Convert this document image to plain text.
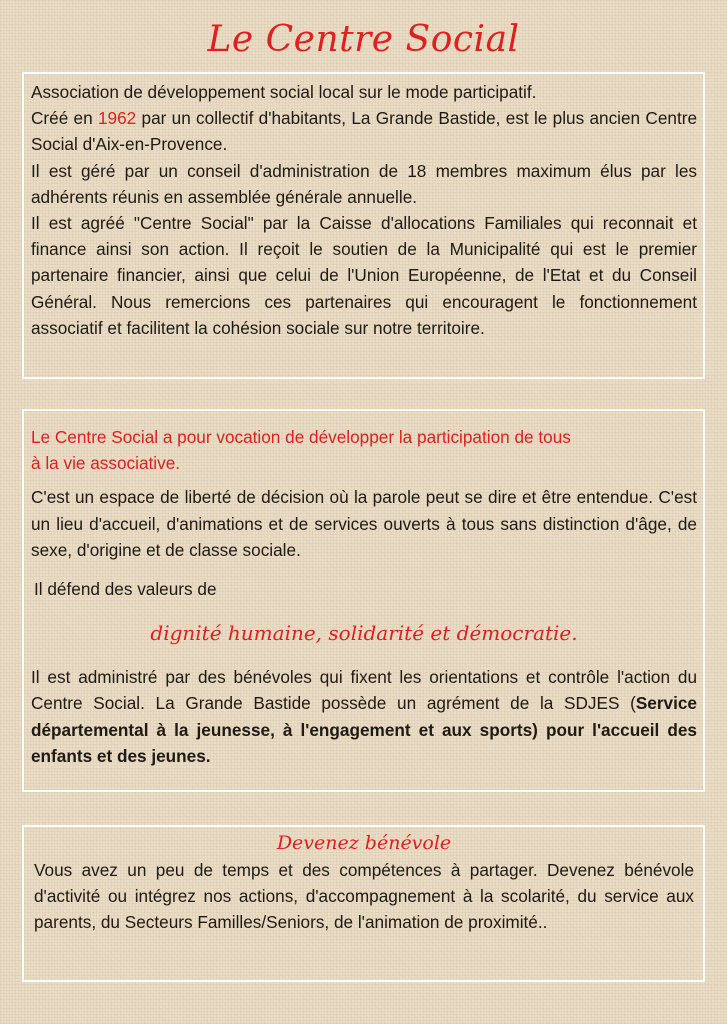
Le Centre Social

Association de développement social local sur le mode participatif.

Créé en 1962 par un collectif d'habitants, La Grande Bastide, est le plus ancien Centre Social d'Aix-en-Provence.

Il est géré par un conseil d'administration de 18 membres maximum élus par les adhérents réunis en assemblée générale annuelle.

Il est agréé "Centre Social" par la Caisse d'allocations Familiales qui reconnait et finance ainsi son action. Il reçoit le soutien de la Municipalité qui est le premier partenaire financier, ainsi que celui de l'Union Européenne, de l'Etat et du Conseil Général. Nous remercions ces partenaires qui encouragent le fonctionnement associatif et facilitent la cohésion sociale sur notre territoire.

Le Centre Social a pour vocation de développer la participation de tous
à la vie associative.

C'est un espace de liberté de décision où la parole peut se dire et être entendue. C'est un lieu d'accueil, d'animations et de services ouverts à tous sans distinction d'âge, de sexe, d'origine et de classe sociale.

Il défend des valeurs de

dignité humaine, solidarité et démocratie.

Il est administré par des bénévoles qui fixent les orientations et contrôle l'action du Centre Social. La Grande Bastide possède un agrément de la SDJES (Service départemental à la jeunesse, à l'engagement et aux sports) pour l'accueil des enfants et des jeunes.

Devenez bénévole

Vous avez un peu de temps et des compétences à partager. Devenez bénévole d'activité ou intégrez nos actions, d'accompagnement à la scolarité, du service aux parents, du Secteurs Familles/Seniors, de l'animation de proximité..
